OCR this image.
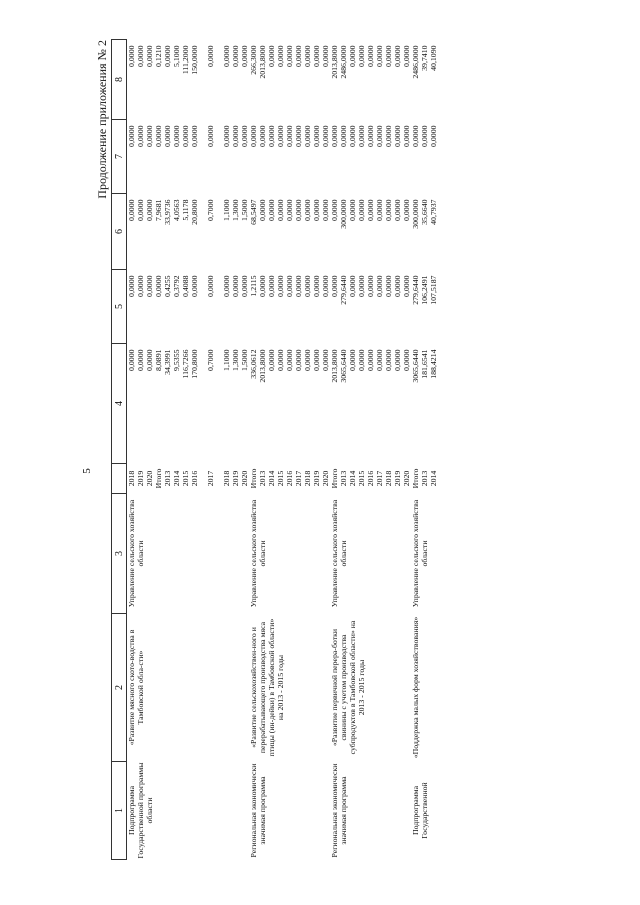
5
Продолжение приложения № 2
1	2	3		4	5	6	7	8
Подпрограмма Государственной программы области	«Развитие мясного ското-водства в Тамбовской обла-сти»	Управление сельского хозяйства области	2018	0,0000	0,0000	0,0000	0,0000	0,0000
			2019	0,0000	0,0000	0,0000	0,0000	0,0000
			2020	0,0000	0,0000	0,0000	0,0000	0,0000
			Итого	8,0891	0,0000	7,9681	0,0000	0,1210
			2013	34,3991	0,4255	33,9736	0,0000	0,0000
			2014	9,5355	0,3792	4,0563	0,0000	5,1000
			2015	116,7266	0,4088	5,1178	0,0000	111,2000
			2016	170,8000	0,0000	20,8000	0,0000	150,0000

			2017	0,7000	0,0000	0,7000	0,0000	0,0000

			2018	1,1000	0,0000	1,1000	0,0000	0,0000
			2019	1,3000	0,0000	1,3000	0,0000	0,0000
			2020	1,5000	0,0000	1,5000	0,0000	0,0000
Региональная экономически значимая программа	«Развитие сельскохозяйствен-ного и перерабатывающего производства мяса птицы (ин-дейки) в Тамбовской области» на 2013 - 2015 годы	Управление сельского хозяйства области	Итого	336,0612	1,2115	68,5497	0,0000	266,3000
			2013	2013,8000	0,0000	0,0000	0,0000	2013,8000
			2014	0,0000	0,0000	0,0000	0,0000	0,0000
			2015	0,0000	0,0000	0,0000	0,0000	0,0000
			2016	0,0000	0,0000	0,0000	0,0000	0,0000
			2017	0,0000	0,0000	0,0000	0,0000	0,0000
			2018	0,0000	0,0000	0,0000	0,0000	0,0000
			2019	0,0000	0,0000	0,0000	0,0000	0,0000
			2020	0,0000	0,0000	0,0000	0,0000	0,0000
Региональная экономически значимая программа	«Развитие первичной перера-ботки свинины с учетом производства субпродуктов в Тамбовской области» на 2013 - 2015 годы	Управление сельского хозяйства области	Итого	2013,8000	0,0000	0,0000	0,0000	2013,8000
			2013	3065,6440	279,6440	300,0000	0,0000	2486,0000
			2014	0,0000	0,0000	0,0000	0,0000	0,0000
			2015	0,0000	0,0000	0,0000	0,0000	0,0000
			2016	0,0000	0,0000	0,0000	0,0000	0,0000
			2017	0,0000	0,0000	0,0000	0,0000	0,0000
			2018	0,0000	0,0000	0,0000	0,0000	0,0000
			2019	0,0000	0,0000	0,0000	0,0000	0,0000
			2020	0,0000	0,0000	0,0000	0,0000	0,0000
Подпрограмма Государственной	«Поддержка малых форм хозяйствования»	Управление сельского хозяйства области	Итого	3065,6440	279,6440	300,0000	0,0000	2486,0000
			2013	181,6541	106,2491	35,6640	0,0000	39,7410
			2014	188,4214	107,5187	40,7937	0,0000	40,1090
